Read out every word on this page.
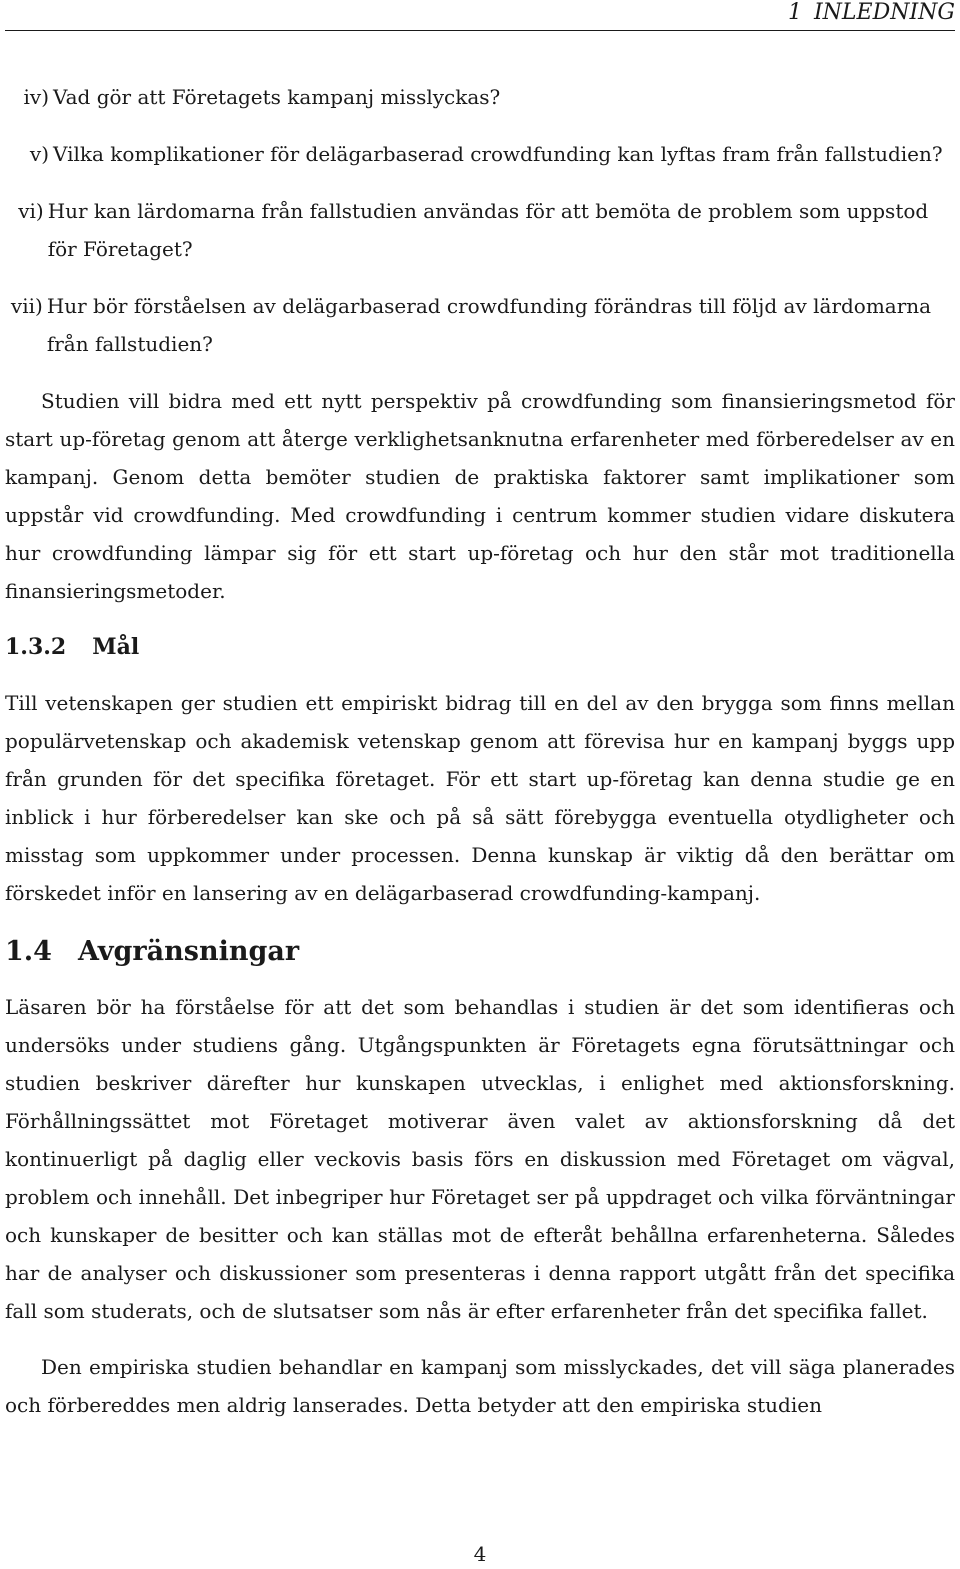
1 INLEDNING
iv) Vad gör att Företagets kampanj misslyckas?
v) Vilka komplikationer för delägarbaserad crowdfunding kan lyftas fram från fallstudien?
vi) Hur kan lärdomarna från fallstudien användas för att bemöta de problem som uppstod för Företaget?
vii) Hur bör förståelsen av delägarbaserad crowdfunding förändras till följd av lärdomarna från fallstudien?

Studien vill bidra med ett nytt perspektiv på crowdfunding som finansieringsmetod för start up-företag genom att återge verklighetsanknutna erfarenheter med förberedelser av en kampanj. Genom detta bemöter studien de praktiska faktorer samt implikationer som uppstår vid crowdfunding. Med crowdfunding i centrum kommer studien vidare diskutera hur crowdfunding lämpar sig för ett start up-företag och hur den står mot traditionella finansieringsmetoder.

1.3.2 Mål

Till vetenskapen ger studien ett empiriskt bidrag till en del av den brygga som finns mellan populärvetenskap och akademisk vetenskap genom att förevisa hur en kampanj byggs upp från grunden för det specifika företaget. För ett start up-företag kan denna studie ge en inblick i hur förberedelser kan ske och på så sätt förebygga eventuella otydligheter och misstag som uppkommer under processen. Denna kunskap är viktig då den berättar om förskedet inför en lansering av en delägarbaserad crowdfunding-kampanj.

1.4 Avgränsningar

Läsaren bör ha förståelse för att det som behandlas i studien är det som identifieras och undersöks under studiens gång. Utgångspunkten är Företagets egna förutsättningar och studien beskriver därefter hur kunskapen utvecklas, i enlighet med aktionsforskning. Förhållningssättet mot Företaget motiverar även valet av aktionsforskning då det kontinuerligt på daglig eller veckovis basis förs en diskussion med Företaget om vägval, problem och innehåll. Det inbegriper hur Företaget ser på uppdraget och vilka förväntningar och kunskaper de besitter och kan ställas mot de efteråt behållna erfarenheterna. Således har de analyser och diskussioner som presenteras i denna rapport utgått från det specifika fall som studerats, och de slutsatser som nås är efter erfarenheter från det specifika fallet.

Den empiriska studien behandlar en kampanj som misslyckades, det vill säga planerades och förbereddes men aldrig lanserades. Detta betyder att den empiriska studien

4
